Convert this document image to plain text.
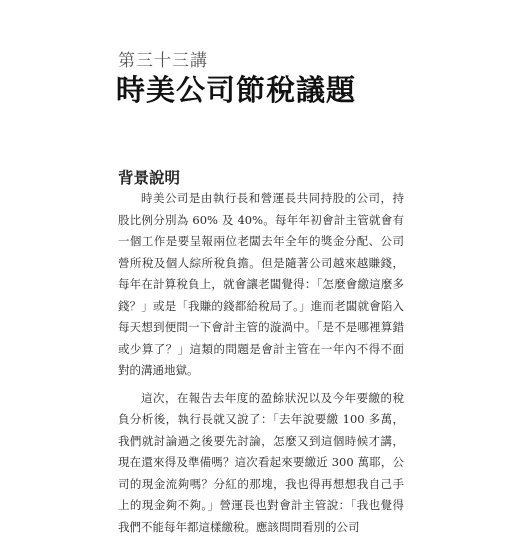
第三十三講
時美公司節稅議題
背景說明

時美公司是由執行長和營運長共同持股的公司，持股比例分別為 60% 及 40%。每年年初會計主管就會有一個工作是要呈報兩位老闆去年全年的獎金分配、公司營所稅及個人綜所稅負擔。但是隨著公司越來越賺錢，每年在計算稅負上，就會讓老闆覺得：「怎麼會繳這麼多錢？」或是「我賺的錢都給稅局了。」進而老闆就會陷入每天想到便問一下會計主管的漩渦中。「是不是哪裡算錯或少算了？」這類的問題是會計主管在一年內不得不面對的溝通地獄。

這次，在報告去年度的盈餘狀況以及今年要繳的稅負分析後，執行長就又說了：「去年說要繳 100 多萬，我們就討論過之後要先討論，怎麼又到這個時候才講，現在還來得及準備嗎？這次看起來要繳近 300 萬耶，公司的現金流夠嗎？分紅的那塊，我也得再想想我自己手上的現金夠不夠。」營運長也對會計主管說：「我也覺得我們不能每年都這樣繳稅。應該問問看別的公司
